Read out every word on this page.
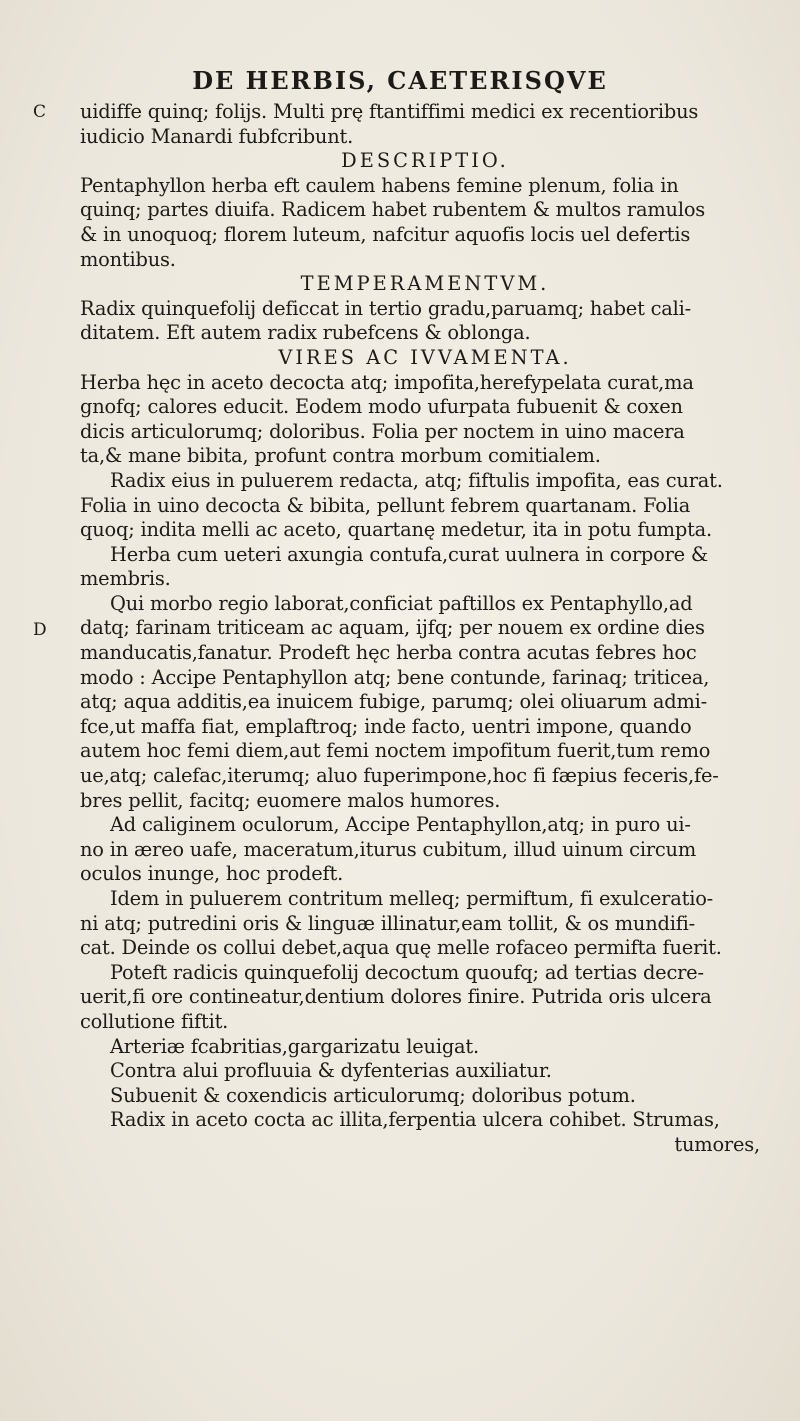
DE HERBIS, CAETERISQVE
C
D
uidiffe quinq; folijs. Multi prę ftantiffimi medici ex recentioribus
iudicio Manardi fubfcribunt.
DESCRIPTIO.
Pentaphyllon herba eft caulem habens femine plenum, folia in
quinq; partes diuifa. Radicem habet rubentem & multos ramulos
& in unoquoq; florem luteum, nafcitur aquofis locis uel defertis
montibus.
TEMPERAMENTVM.
Radix quinquefolij deficcat in tertio gradu,paruamq; habet cali-
ditatem. Eft autem radix rubefcens & oblonga.
VIRES AC IVVAMENTA.
Herba hęc in aceto decocta atq; impofita,herefypelata curat,ma
gnofq; calores educit. Eodem modo ufurpata fubuenit & coxen
dicis articulorumq; doloribus. Folia per noctem in uino macera
ta,& mane bibita, profunt contra morbum comitialem.
Radix eius in puluerem redacta, atq; fiftulis impofita, eas curat.
Folia in uino decocta & bibita, pellunt febrem quartanam. Folia
quoq; indita melli ac aceto, quartanę medetur, ita in potu fumpta.
Herba cum ueteri axungia contufa,curat uulnera in corpore &
membris.
Qui morbo regio laborat,conficiat paftillos ex Pentaphyllo,ad
datq; farinam triticeam ac aquam, ijfq; per nouem ex ordine dies
manducatis,fanatur. Prodeft hęc herba contra acutas febres hoc
modo : Accipe Pentaphyllon atq; bene contunde, farinaq; triticea,
atq; aqua additis,ea inuicem fubige, parumq; olei oliuarum admi-
fce,ut maffa fiat, emplaftroq; inde facto, uentri impone, quando
autem hoc femi diem,aut femi noctem impofitum fuerit,tum remo
ue,atq; calefac,iterumq; aluo fuperimpone,hoc fi fæpius feceris,fe-
bres pellit, facitq; euomere malos humores.
Ad caliginem oculorum, Accipe Pentaphyllon,atq; in puro ui-
no in æreo uafe, maceratum,iturus cubitum, illud uinum circum
oculos inunge, hoc prodeft.
Idem in puluerem contritum melleq; permiftum, fi exulceratio-
ni atq; putredini oris & linguæ illinatur,eam tollit, & os mundifi-
cat. Deinde os collui debet,aqua quę melle rofaceo permifta fuerit.
Poteft radicis quinquefolij decoctum quoufq; ad tertias decre-
uerit,fi ore contineatur,dentium dolores finire. Putrida oris ulcera
collutione fiftit.
Arteriæ fcabritias,gargarizatu leuigat.
Contra alui profluuia & dyfenterias auxiliatur.
Subuenit & coxendicis articulorumq; doloribus potum.
Radix in aceto cocta ac illita,ferpentia ulcera cohibet. Strumas,
tumores,
